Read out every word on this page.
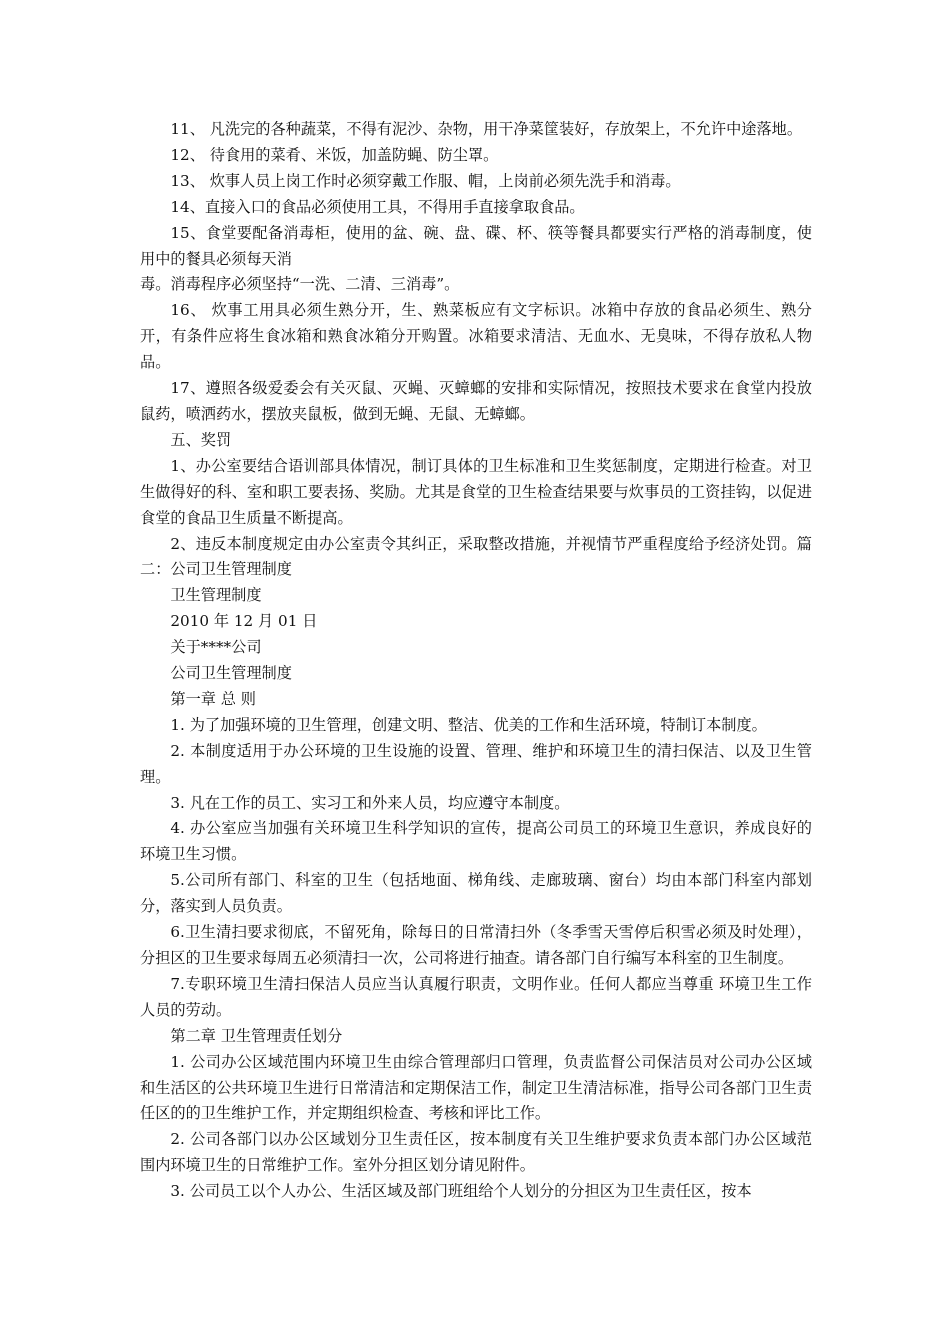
11、 凡洗完的各种蔬菜，不得有泥沙、杂物，用干净菜筐装好，存放架上，不允许中途落地。

12、 待食用的菜肴、米饭，加盖防蝇、防尘罩。

13、 炊事人员上岗工作时必须穿戴工作服、帽，上岗前必须先洗手和消毒。

14、直接入口的食品必须使用工具，不得用手直接拿取食品。

15、食堂要配备消毒柜，使用的盆、碗、盘、碟、杯、筷等餐具都要实行严格的消毒制度，使用中的餐具必须每天消

毒。消毒程序必须坚持“一洗、二清、三消毒”。

16、 炊事工用具必须生熟分开，生、熟菜板应有文字标识。冰箱中存放的食品必须生、熟分开，有条件应将生食冰箱和熟食冰箱分开购置。冰箱要求清洁、无血水、无臭味，不得存放私人物品。

17、遵照各级爱委会有关灭鼠、灭蝇、灭蟑螂的安排和实际情况，按照技术要求在食堂内投放鼠药，喷洒药水，摆放夹鼠板，做到无蝇、无鼠、无蟑螂。

五、奖罚

1、办公室要结合语训部具体情况，制订具体的卫生标准和卫生奖惩制度，定期进行检查。对卫生做得好的科、室和职工要表扬、奖励。尤其是食堂的卫生检查结果要与炊事员的工资挂钩，以促进食堂的食品卫生质量不断提高。

2、违反本制度规定由办公室责令其纠正，采取整改措施，并视情节严重程度给予经济处罚。篇二：公司卫生管理制度

卫生管理制度

2010 年 12 月 01 日

关于****公司

公司卫生管理制度

第一章 总 则

1. 为了加强环境的卫生管理，创建文明、整洁、优美的工作和生活环境，特制订本制度。

2. 本制度适用于办公环境的卫生设施的设置、管理、维护和环境卫生的清扫保洁、以及卫生管理。

3. 凡在工作的员工、实习工和外来人员，均应遵守本制度。

4. 办公室应当加强有关环境卫生科学知识的宣传，提高公司员工的环境卫生意识，养成良好的环境卫生习惯。

5.公司所有部门、科室的卫生（包括地面、梯角线、走廊玻璃、窗台）均由本部门科室内部划分，落实到人员负责。

6.卫生清扫要求彻底，不留死角，除每日的日常清扫外（冬季雪天雪停后积雪必须及时处理），分担区的卫生要求每周五必须清扫一次，公司将进行抽查。请各部门自行编写本科室的卫生制度。

7.专职环境卫生清扫保洁人员应当认真履行职责，文明作业。任何人都应当尊重 环境卫生工作人员的劳动。

第二章 卫生管理责任划分

1. 公司办公区域范围内环境卫生由综合管理部归口管理，负责监督公司保洁员对公司办公区域和生活区的公共环境卫生进行日常清洁和定期保洁工作，制定卫生清洁标准，指导公司各部门卫生责任区的的卫生维护工作，并定期组织检查、考核和评比工作。

2. 公司各部门以办公区域划分卫生责任区，按本制度有关卫生维护要求负责本部门办公区域范围内环境卫生的日常维护工作。室外分担区划分请见附件。

3. 公司员工以个人办公、生活区域及部门班组给个人划分的分担区为卫生责任区，按本
